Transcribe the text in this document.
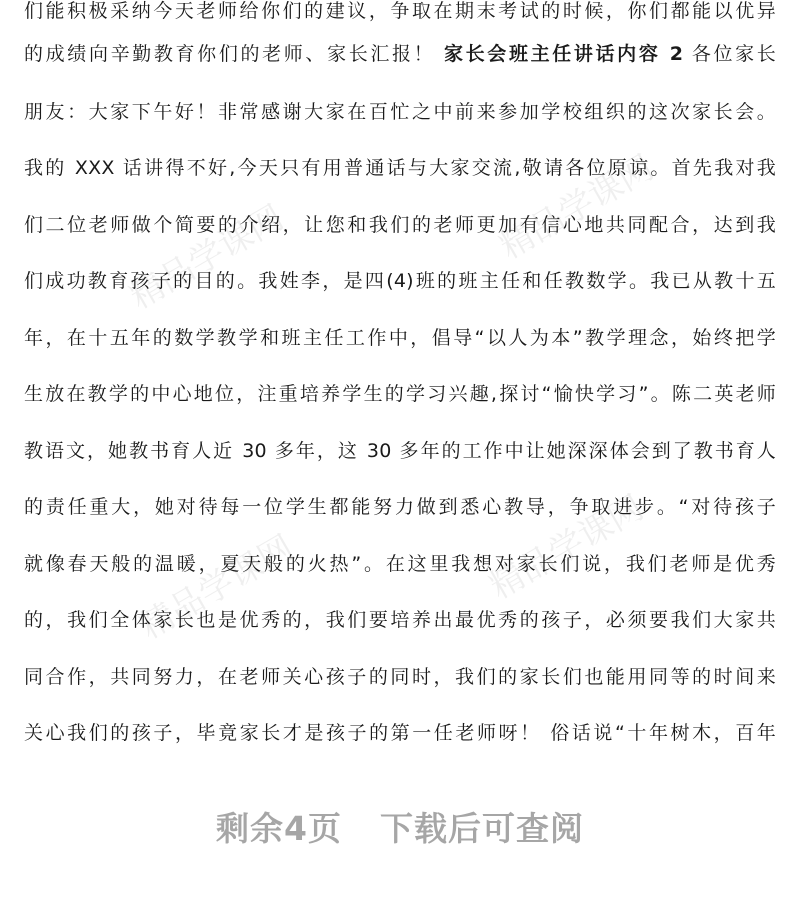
精品学课网	精品学课网
精品学课网	精品学课网
们能积极采纳今天老师给你们的建议，争取在期末考试的时候，你们都能以优异
的成绩向辛勤教育你们的老师、家长汇报！ 家长会班主任讲话内容 2 各位家长
朋友：大家下午好！非常感谢大家在百忙之中前来参加学校组织的这次家长会。
我的 XXX 话讲得不好,今天只有用普通话与大家交流,敬请各位原谅。首先我对我
们二位老师做个简要的介绍，让您和我们的老师更加有信心地共同配合，达到我
们成功教育孩子的目的。我姓李，是四(4)班的班主任和任教数学。我已从教十五
年，在十五年的数学教学和班主任工作中，倡导“以人为本”教学理念，始终把学
生放在教学的中心地位，注重培养学生的学习兴趣,探讨“愉快学习”。陈二英老师
教语文，她教书育人近 30 多年，这 30 多年的工作中让她深深体会到了教书育人
的责任重大，她对待每一位学生都能努力做到悉心教导，争取进步。“对待孩子
就像春天般的温暖，夏天般的火热”。在这里我想对家长们说，我们老师是优秀
的，我们全体家长也是优秀的，我们要培养出最优秀的孩子，必须要我们大家共
同合作，共同努力，在老师关心孩子的同时，我们的家长们也能用同等的时间来
关心我们的孩子，毕竟家长才是孩子的第一任老师呀！ 俗话说“十年树木，百年
剩余4页 下载后可查阅
